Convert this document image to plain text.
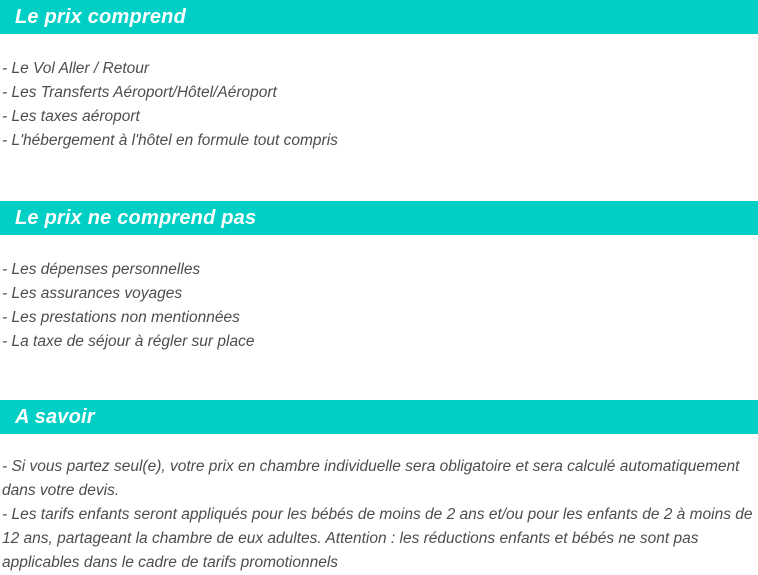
Le prix comprend
- Le Vol Aller / Retour
- Les Transferts Aéroport/Hôtel/Aéroport
- Les taxes aéroport
- L'hébergement à l'hôtel en formule tout compris
Le prix ne comprend pas
- Les dépenses personnelles
- Les assurances voyages
- Les prestations non mentionnées
- La taxe de séjour à régler sur place
A savoir
- Si vous partez seul(e), votre prix en chambre individuelle sera obligatoire et sera calculé automatiquement dans votre devis.
- Les tarifs enfants seront appliqués pour les bébés de moins de 2 ans et/ou pour les enfants de 2 à moins de 12 ans, partageant la chambre de eux adultes. Attention : les réductions enfants et bébés ne sont pas applicables dans le cadre de tarifs promotionnels
